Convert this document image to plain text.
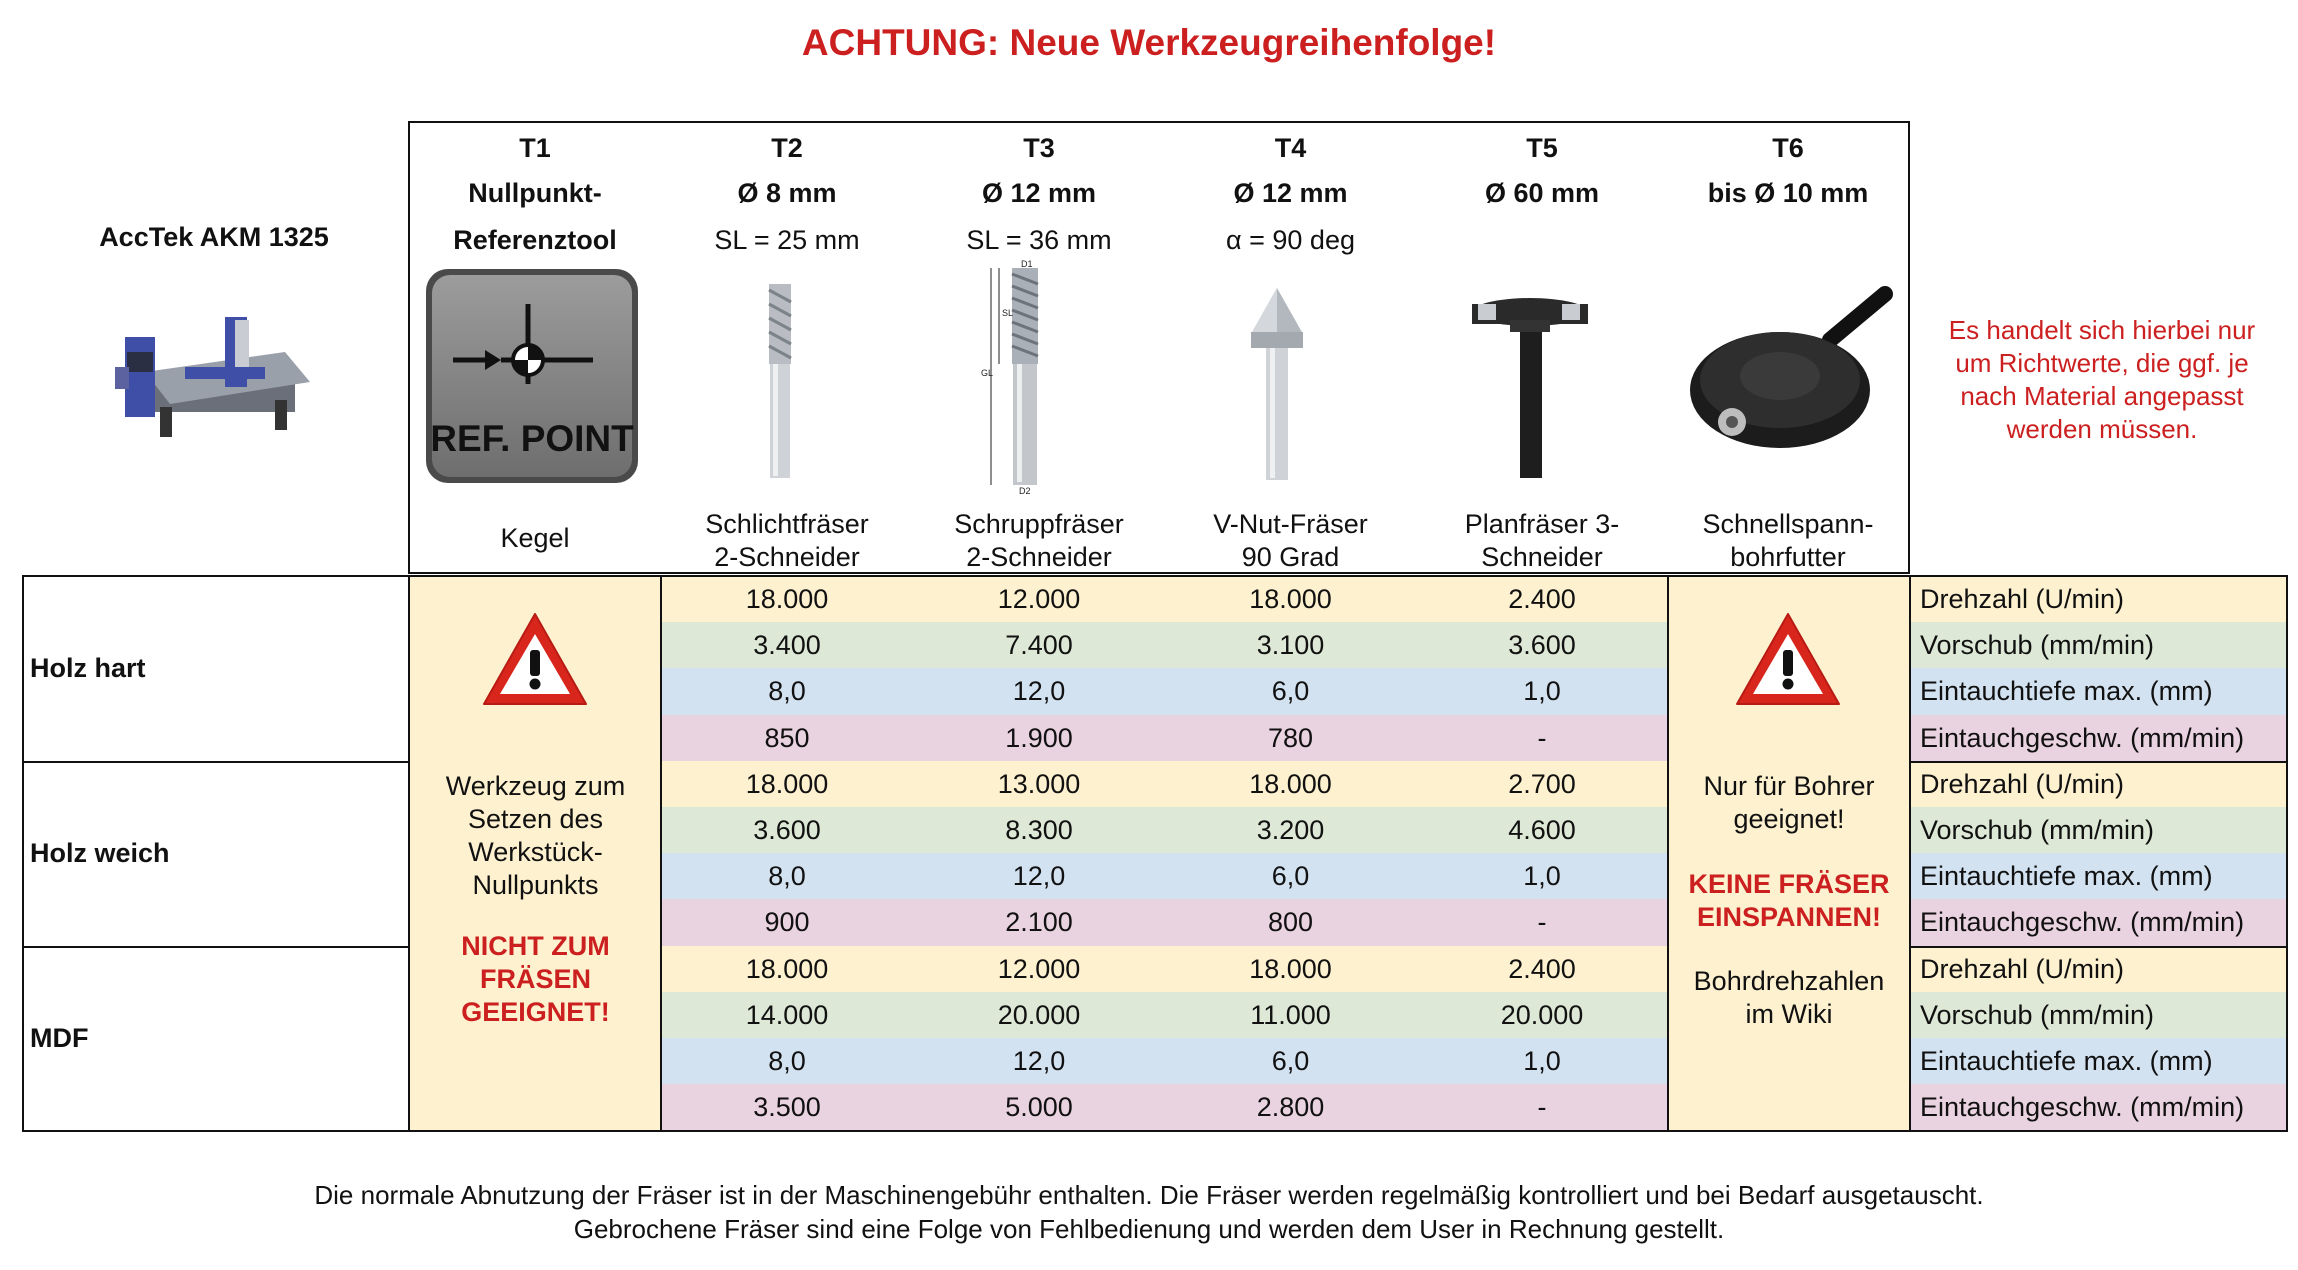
ACHTUNG: Neue Werkzeugreihenfolge!
AccTek AKM 1325
REF. POINT
D1
SL
GL
D2
Es handelt sich hierbei nur
um Richtwerte, die ggf. je
nach Material angepasst
werden müssen.
Die normale Abnutzung der Fräser ist in der Maschinengebühr enthalten. Die Fräser werden regelmäßig kontrolliert und bei Bedarf ausgetauscht.
Gebrochene Fräser sind eine Folge von Fehlbedienung und werden dem User in Rechnung gestellt.
T1
Nullpunkt-
Referenztool
Kegel
T2
Ø 8 mm
SL = 25 mm
Schlichtfräser
2-Schneider
T3
Ø 12 mm
SL = 36 mm
Schruppfräser
2-Schneider
T4
Ø 12 mm
α = 90 deg
V-Nut-Fräser
90 Grad
T5
Ø 60 mm
Planfräser 3-
Schneider
T6
bis Ø 10 mm
Schnellspann-
bohrfutter
Holz hart
18.000	12.000	18.000	2.400	Drehzahl (U/min)
3.400	7.400	3.100	3.600	Vorschub (mm/min)
8,0	12,0	6,0	1,0	Eintauchtiefe max. (mm)
850	1.900	780	-	Eintauchgeschw. (mm/min)
Holz weich
18.000	13.000	18.000	2.700	Drehzahl (U/min)
3.600	8.300	3.200	4.600	Vorschub (mm/min)
8,0	12,0	6,0	1,0	Eintauchtiefe max. (mm)
900	2.100	800	-	Eintauchgeschw. (mm/min)
MDF
18.000	12.000	18.000	2.400	Drehzahl (U/min)
14.000	20.000	11.000	20.000	Vorschub (mm/min)
8,0	12,0	6,0	1,0	Eintauchtiefe max. (mm)
3.500	5.000	2.800	-	Eintauchgeschw. (mm/min)
Werkzeug zum
Setzen des
Werkstück-
Nullpunkts
NICHT ZUM
FRÄSEN
GEEIGNET!
Nur für Bohrer
geeignet!
KEINE FRÄSER
EINSPANNEN!
Bohrdrehzahlen
im Wiki
